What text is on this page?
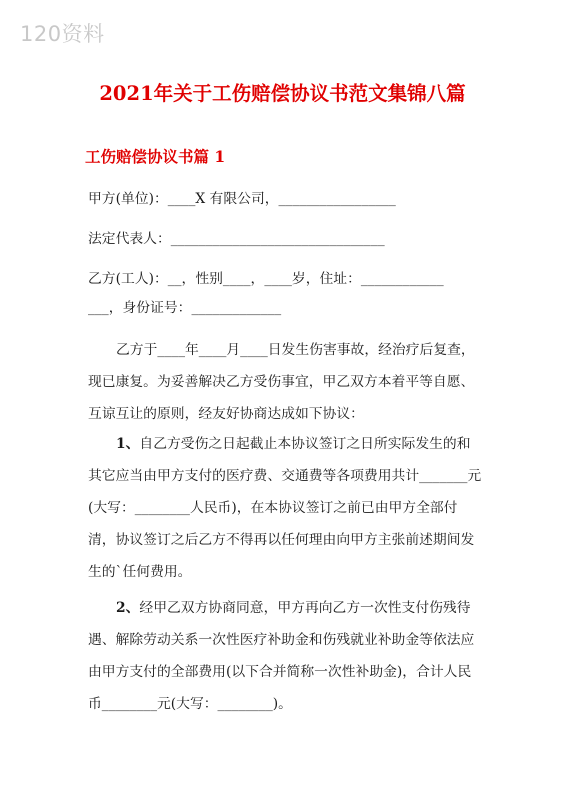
120资料
2021年关于工伤赔偿协议书范文集锦八篇
工伤赔偿协议书篇 1
甲方(单位)：____X 有限公司，_________________
法定代表人：_______________________________
乙方(工人)：__，性别____，____岁，住址：____________
___，身份证号：_____________
乙方于____年____月____日发生伤害事故，经治疗后复查，现已康复。为妥善解决乙方受伤事宜，甲乙双方本着平等自愿、互谅互让的原则，经友好协商达成如下协议：
1、自乙方受伤之日起截止本协议签订之日所实际发生的和其它应当由甲方支付的医疗费、交通费等各项费用共计_______元(大写：________人民币)，在本协议签订之前已由甲方全部付清，协议签订之后乙方不得再以任何理由向甲方主张前述期间发生的`任何费用。
2、经甲乙双方协商同意，甲方再向乙方一次性支付伤残待遇、解除劳动关系一次性医疗补助金和伤残就业补助金等依法应由甲方支付的全部费用(以下合并简称一次性补助金)，合计人民币________元(大写：________)。
